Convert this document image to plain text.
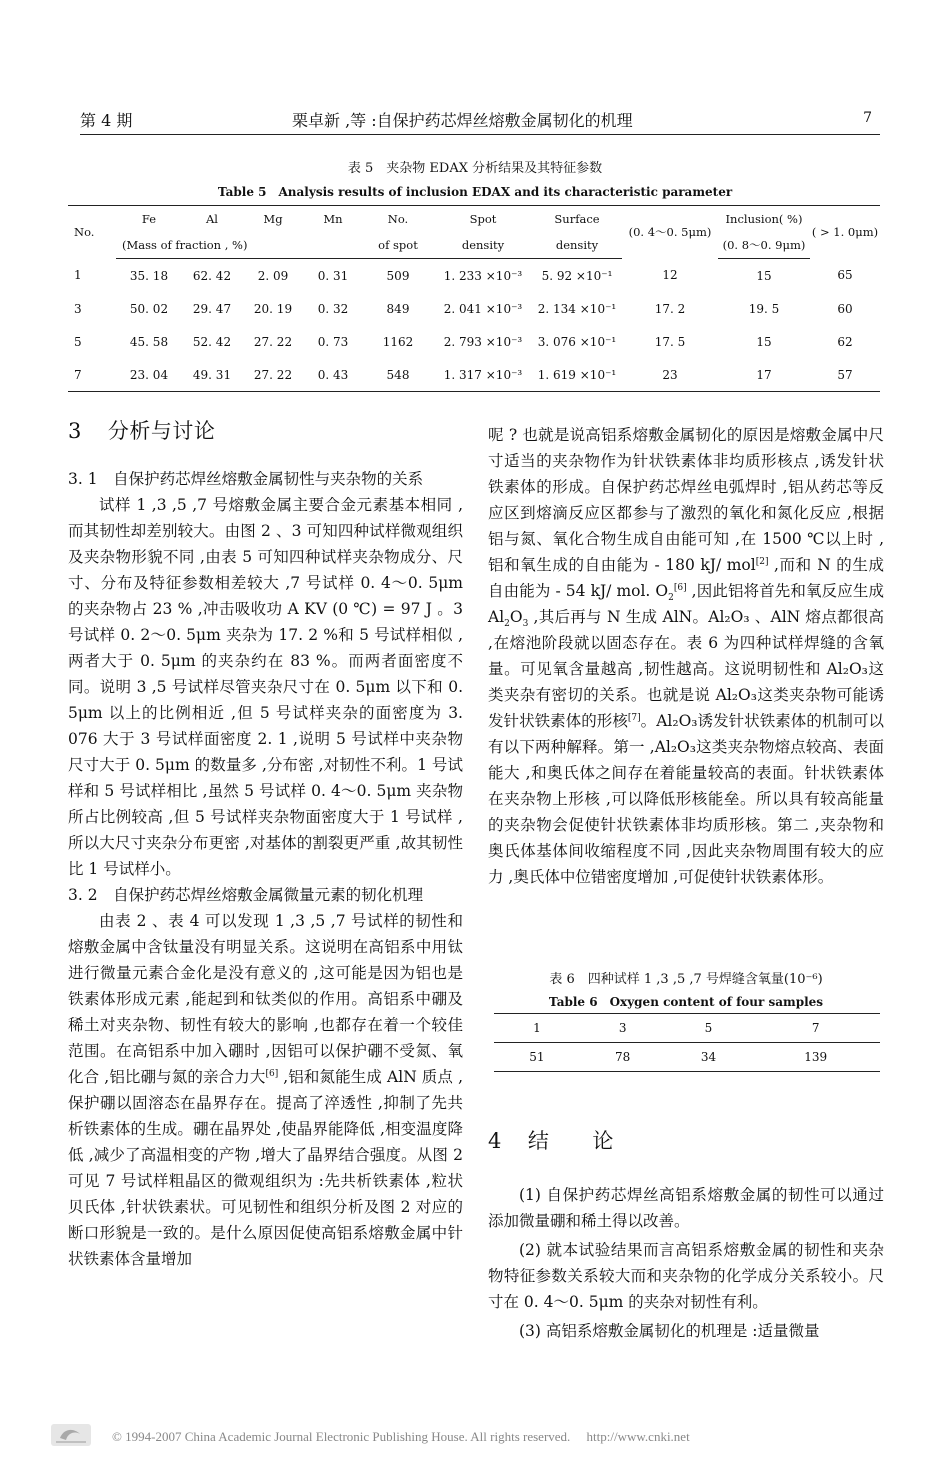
第 4 期	栗卓新 ,等 :自保护药芯焊丝熔敷金属韧化的机理	7
表 5　夹杂物 EDAX 分析结果及其特征参数
Table 5　Analysis results of inclusion EDAX and its characteristic parameter
No.	Fe	Al	Mg	Mn	No.	Spot	Surface	(0. 4～0. 5μm)	Inclusion( %)	( > 1. 0μm)
	(Mass of fraction , %)				of spot	density	density		(0. 8～0. 9μm)	
1	35. 18	62. 42	2. 09	0. 31	509	1. 233 ×10⁻³	5. 92 ×10⁻¹	12	15	65
3	50. 02	29. 47	20. 19	0. 32	849	2. 041 ×10⁻³	2. 134 ×10⁻¹	17. 2	19. 5	60
5	45. 58	52. 42	27. 22	0. 73	1162	2. 793 ×10⁻³	3. 076 ×10⁻¹	17. 5	15	62
7	23. 04	49. 31	27. 22	0. 43	548	1. 317 ×10⁻³	1. 619 ×10⁻¹	23	17	57
3 分析与讨论

3. 1　自保护药芯焊丝熔敷金属韧性与夹杂物的关系

试样 1 ,3 ,5 ,7 号熔敷金属主要合金元素基本相同 ,而其韧性却差别较大。由图 2 、3 可知四种试样微观组织及夹杂物形貌不同 ,由表 5 可知四种试样夹杂物成分、尺寸、分布及特征参数相差较大 ,7 号试样 0. 4～0. 5μm 的夹杂物占 23 % ,冲击吸收功 A KV (0 ℃) = 97 J 。3 号试样 0. 2～0. 5μm 夹杂为 17. 2 %和 5 号试样相似 ,两者大于 0. 5μm 的夹杂约在 83 %。而两者面密度不同。说明 3 ,5 号试样尽管夹杂尺寸在 0. 5μm 以下和 0. 5μm 以上的比例相近 ,但 5 号试样夹杂的面密度为 3. 076 大于 3 号试样面密度 2. 1 ,说明 5 号试样中夹杂物尺寸大于 0. 5μm 的数量多 ,分布密 ,对韧性不利。1 号试样和 5 号试样相比 ,虽然 5 号试样 0. 4～0. 5μm 夹杂物所占比例较高 ,但 5 号试样夹杂物面密度大于 1 号试样 ,所以大尺寸夹杂分布更密 ,对基体的割裂更严重 ,故其韧性比 1 号试样小。

3. 2　自保护药芯焊丝熔敷金属微量元素的韧化机理

由表 2 、表 4 可以发现 1 ,3 ,5 ,7 号试样的韧性和熔敷金属中含钛量没有明显关系。这说明在高铝系中用钛进行微量元素合金化是没有意义的 ,这可能是因为铝也是铁素体形成元素 ,能起到和钛类似的作用。高铝系中硼及稀土对夹杂物、韧性有较大的影响 ,也都存在着一个较佳范围。在高铝系中加入硼时 ,因铝可以保护硼不受氮、氧化合 ,铝比硼与氮的亲合力大[6] ,铝和氮能生成 AlN 质点 ,保护硼以固溶态在晶界存在。提高了淬透性 ,抑制了先共析铁素体的生成。硼在晶界处 ,使晶界能降低 ,相变温度降低 ,减少了高温相变的产物 ,增大了晶界结合强度。从图 2 可见 7 号试样粗晶区的微观组织为 :先共析铁素体 ,粒状贝氏体 ,针状铁素状。可见韧性和组织分析及图 2 对应的断口形貌是一致的。是什么原因促使高铝系熔敷金属中针状铁素体含量增加

呢 ? 也就是说高铝系熔敷金属韧化的原因是熔敷金属中尺寸适当的夹杂物作为针状铁素体非均质形核点 ,诱发针状铁素体的形成。自保护药芯焊丝电弧焊时 ,铝从药芯等反应区到熔滴反应区都参与了激烈的氧化和氮化反应 ,根据铝与氮、氧化合物生成自由能可知 ,在 1500 ℃以上时 ,铝和氧生成的自由能为 - 180 kJ/ mol[2] ,而和 N 的生成自由能为 - 54 kJ/ mol. $O_2[6]$ ,因此铝将首先和氧反应生成 $Al_2O_3$ ,其后再与 N 生成 AlN。Al₂O₃ 、AlN 熔点都很高 ,在熔池阶段就以固态存在。表 6 为四种试样焊缝的含氧量。可见氧含量越高 ,韧性越高。这说明韧性和 Al₂O₃这类夹杂有密切的关系。也就是说 Al₂O₃这类夹杂物可能诱发针状铁素体的形核[7]。Al₂O₃诱发针状铁素体的机制可以有以下两种解释。第一 ,Al₂O₃这类夹杂物熔点较高、表面能大 ,和奥氏体之间存在着能量较高的表面。针状铁素体在夹杂物上形核 ,可以降低形核能垒。所以具有较高能量的夹杂物会促使针状铁素体非均质形核。第二 ,夹杂物和奥氏体基体间收缩程度不同 ,因此夹杂物周围有较大的应力 ,奥氏体中位错密度增加 ,可促使针状铁素体形。

表 6　四种试样 1 ,3 ,5 ,7 号焊缝含氧量(10⁻⁶)
Table 6　Oxygen content of four samples
1	3	5	7
51	78	34	139
4 结　　论

(1) 自保护药芯焊丝高铝系熔敷金属的韧性可以通过添加微量硼和稀土得以改善。

(2) 就本试验结果而言高铝系熔敷金属的韧性和夹杂物特征参数关系较大而和夹杂物的化学成分关系较小。尺寸在 0. 4～0. 5μm 的夹杂对韧性有利。

(3) 高铝系熔敷金属韧化的机理是 :适量微量

© 1994-2007 China Academic Journal Electronic Publishing House. All rights reserved.　 http://www.cnki.net
